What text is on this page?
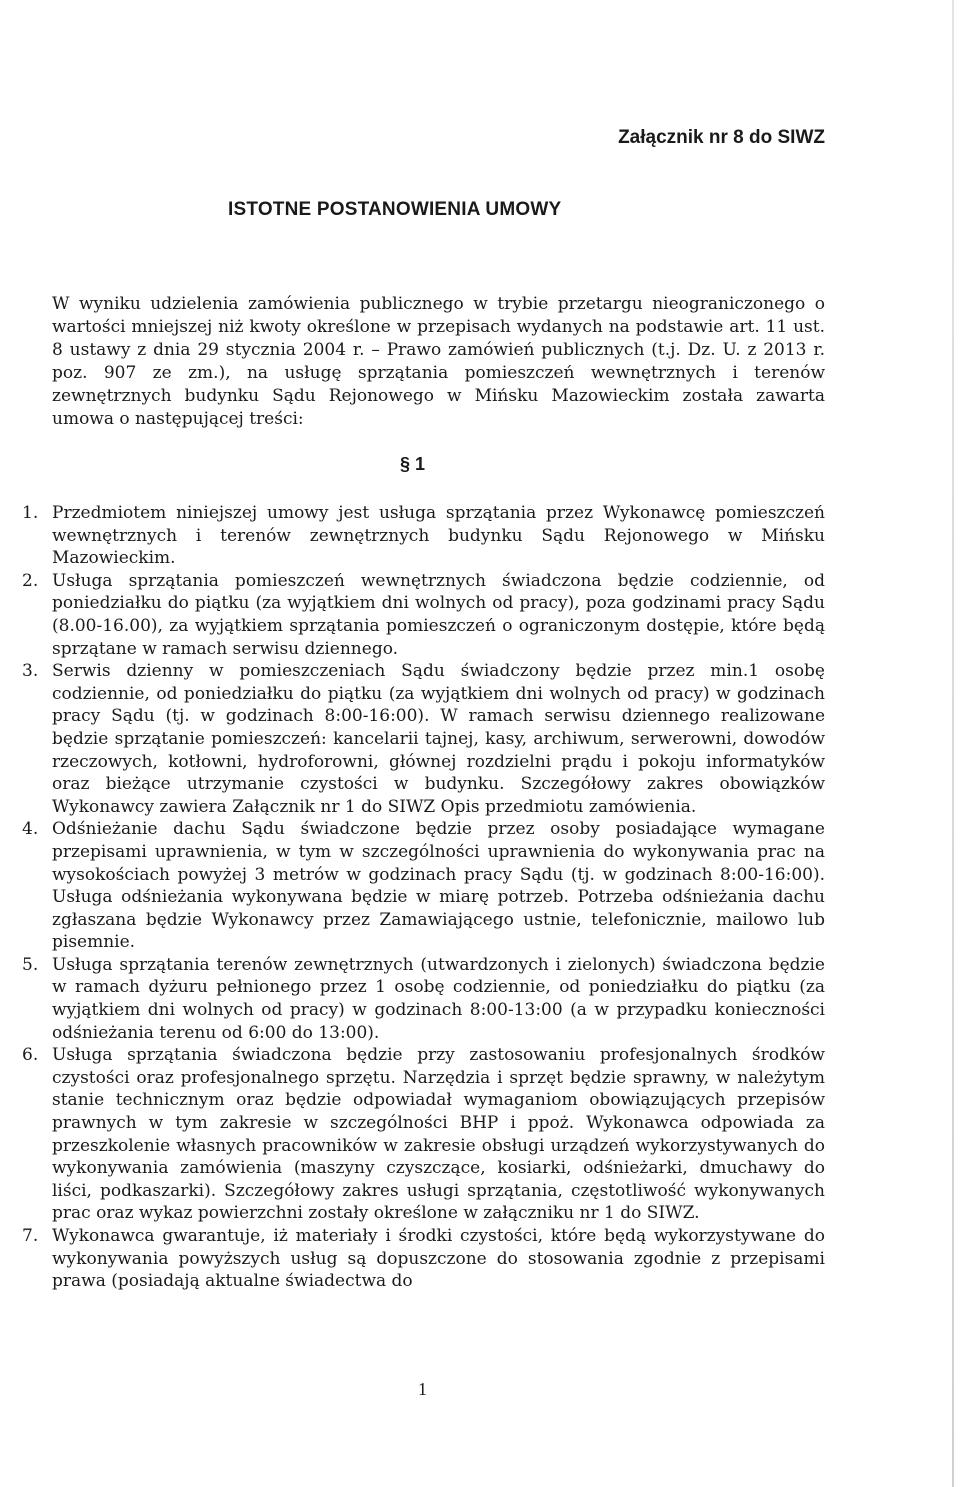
Załącznik nr 8 do SIWZ

ISTOTNE POSTANOWIENIA UMOWY

W wyniku udzielenia zamówienia publicznego w trybie przetargu nieograniczonego o wartości mniejszej niż kwoty określone w przepisach wydanych na podstawie art. 11 ust. 8 ustawy z dnia 29 stycznia 2004 r. – Prawo zamówień publicznych (t.j. Dz. U. z 2013 r. poz. 907 ze zm.), na usługę sprzątania pomieszczeń wewnętrznych i terenów zewnętrznych budynku Sądu Rejonowego w Mińsku Mazowieckim została zawarta umowa o następującej treści:

§ 1

1. Przedmiotem niniejszej umowy jest usługa sprzątania przez Wykonawcę pomieszczeń wewnętrznych i terenów zewnętrznych budynku Sądu Rejonowego w Mińsku Mazowieckim.
2. Usługa sprzątania pomieszczeń wewnętrznych świadczona będzie codziennie, od poniedziałku do piątku (za wyjątkiem dni wolnych od pracy), poza godzinami pracy Sądu (8.00-16.00), za wyjątkiem sprzątania pomieszczeń o ograniczonym dostępie, które będą sprzątane w ramach serwisu dziennego.
3. Serwis dzienny w pomieszczeniach Sądu świadczony będzie przez min.1 osobę codziennie, od poniedziałku do piątku (za wyjątkiem dni wolnych od pracy) w godzinach pracy Sądu (tj. w godzinach 8:00-16:00). W ramach serwisu dziennego realizowane będzie sprzątanie pomieszczeń: kancelarii tajnej, kasy, archiwum, serwerowni, dowodów rzeczowych, kotłowni, hydroforowni, głównej rozdzielni prądu i pokoju informatyków oraz bieżące utrzymanie czystości w budynku. Szczegółowy zakres obowiązków Wykonawcy zawiera Załącznik nr 1 do SIWZ Opis przedmiotu zamówienia.
4. Odśnieżanie dachu Sądu świadczone będzie przez osoby posiadające wymagane przepisami uprawnienia, w tym w szczególności uprawnienia do wykonywania prac na wysokościach powyżej 3 metrów w godzinach pracy Sądu (tj. w godzinach 8:00-16:00). Usługa odśnieżania wykonywana będzie w miarę potrzeb. Potrzeba odśnieżania dachu zgłaszana będzie Wykonawcy przez Zamawiającego ustnie, telefonicznie, mailowo lub pisemnie.
5. Usługa sprzątania terenów zewnętrznych (utwardzonych i zielonych) świadczona będzie w ramach dyżuru pełnionego przez 1 osobę codziennie, od poniedziałku do piątku (za wyjątkiem dni wolnych od pracy) w godzinach 8:00-13:00 (a w przypadku konieczności odśnieżania terenu od 6:00 do 13:00).
6. Usługa sprzątania świadczona będzie przy zastosowaniu profesjonalnych środków czystości oraz profesjonalnego sprzętu. Narzędzia i sprzęt będzie sprawny, w należytym stanie technicznym oraz będzie odpowiadał wymaganiom obowiązujących przepisów prawnych w tym zakresie w szczególności BHP i ppoż. Wykonawca odpowiada za przeszkolenie własnych pracowników w zakresie obsługi urządzeń wykorzystywanych do wykonywania zamówienia (maszyny czyszczące, kosiarki, odśnieżarki, dmuchawy do liści, podkaszarki). Szczegółowy zakres usługi sprzątania, częstotliwość wykonywanych prac oraz wykaz powierzchni zostały określone w załączniku nr 1 do SIWZ.
7. Wykonawca gwarantuje, iż materiały i środki czystości, które będą wykorzystywane do wykonywania powyższych usług są dopuszczone do stosowania zgodnie z przepisami prawa (posiadają aktualne świadectwa do

1
